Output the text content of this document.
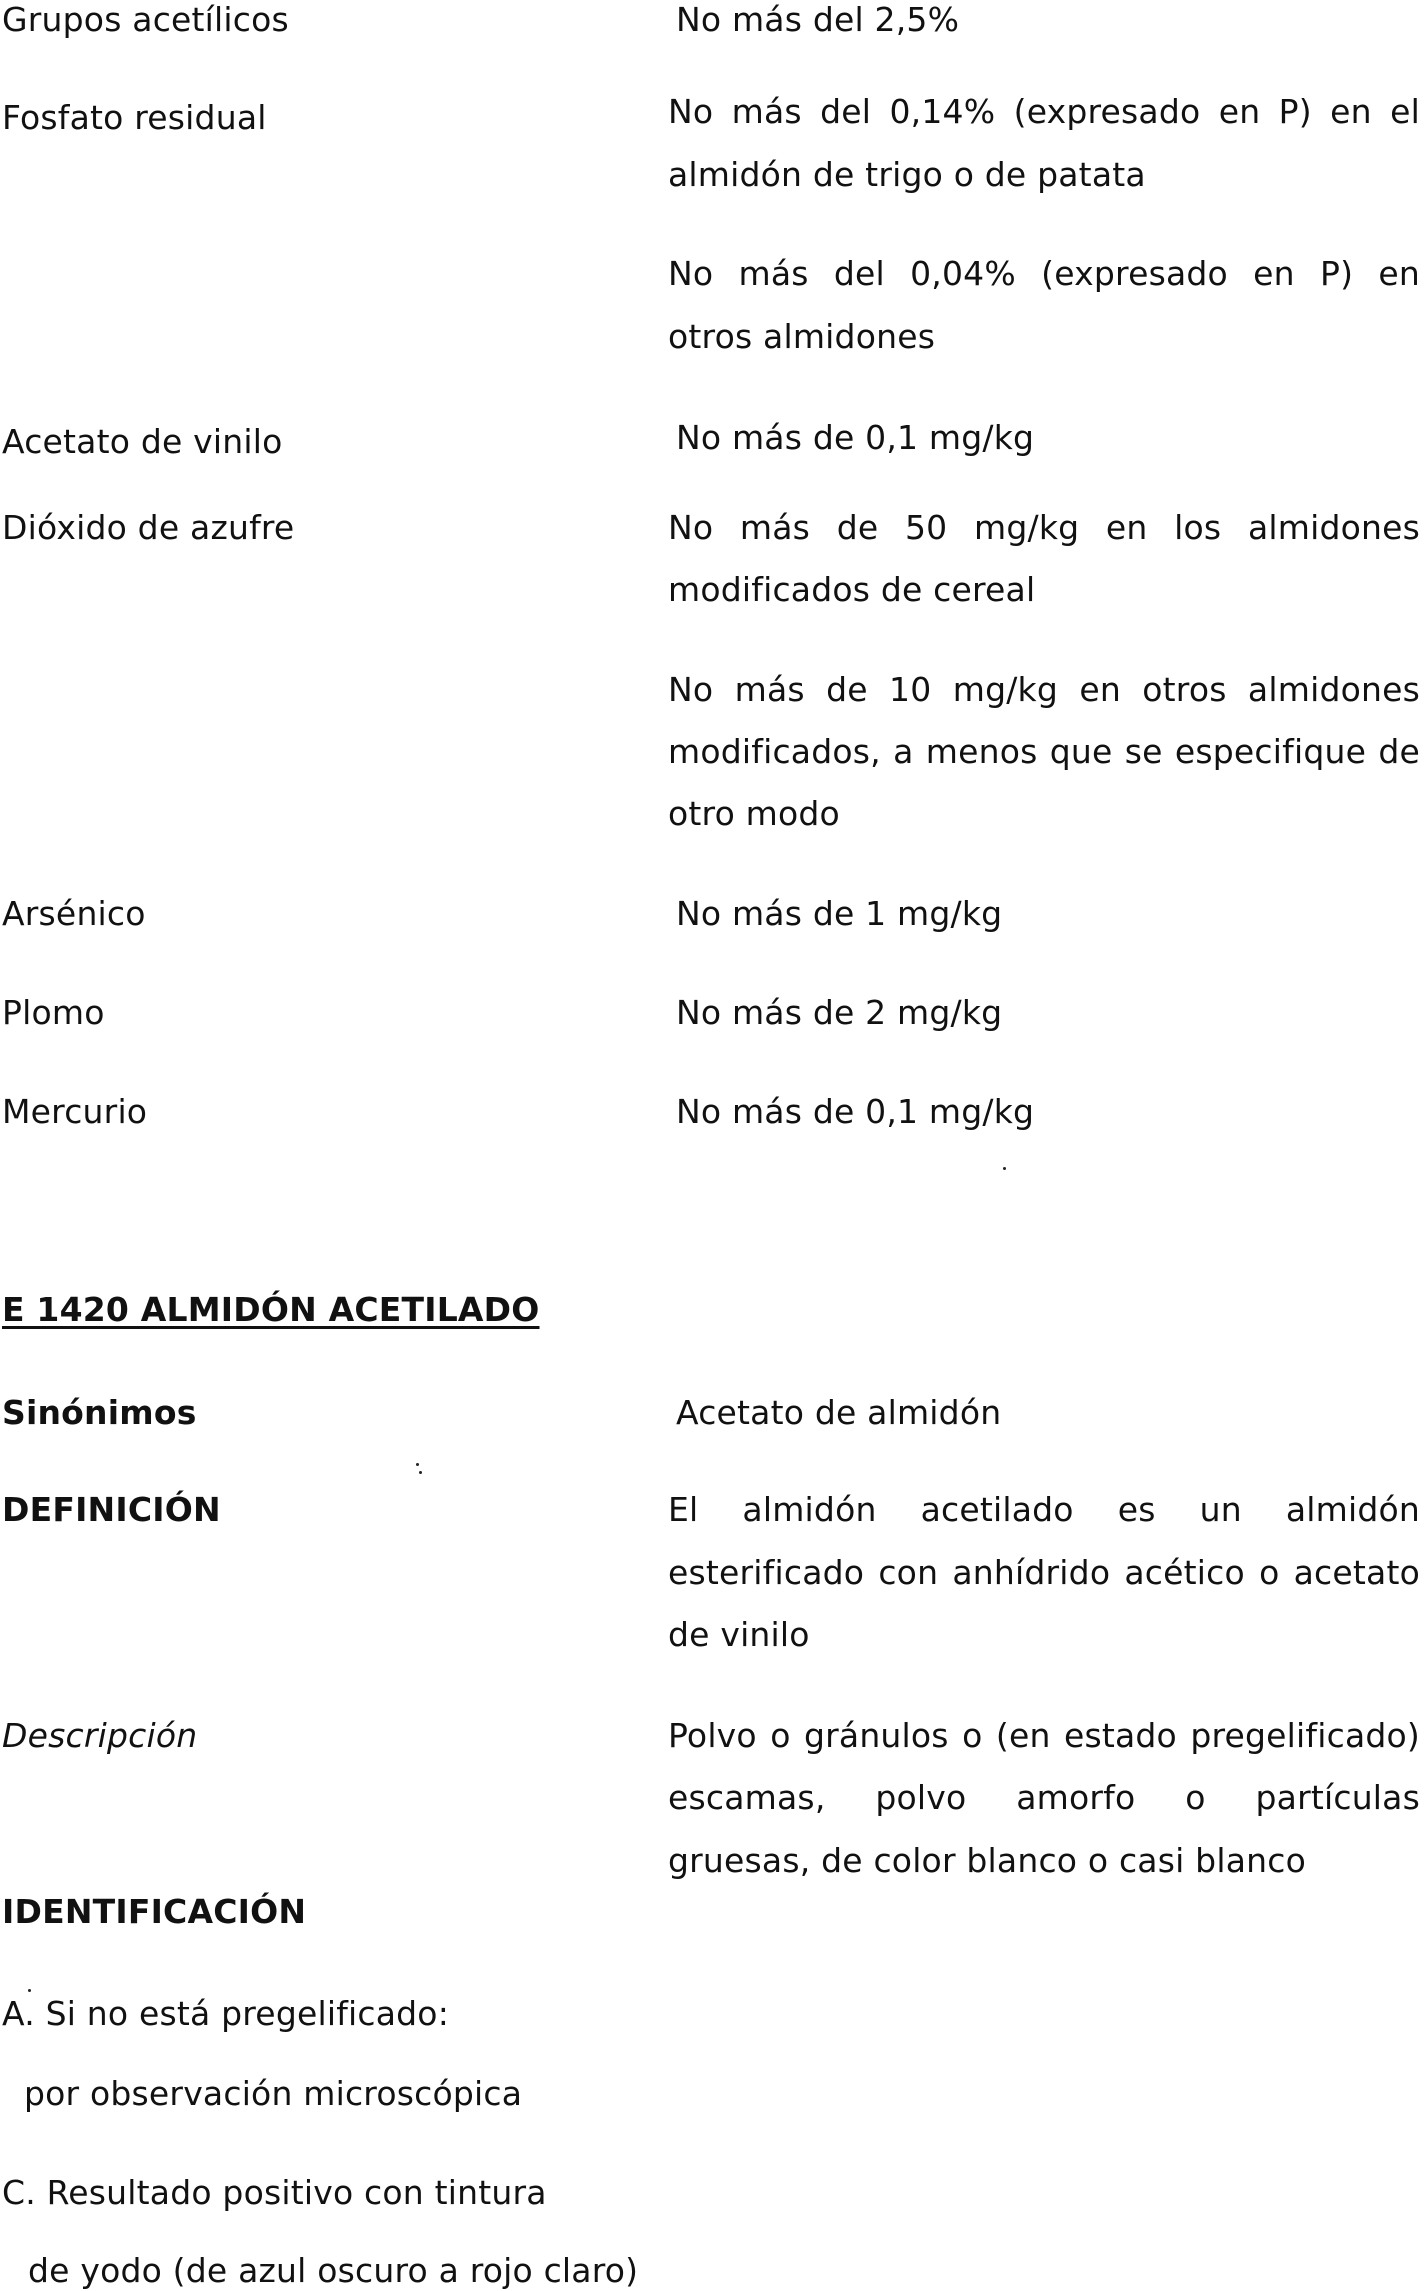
Grupos acetílicos	No más del 2,5%
Fosfato residual	No más del 0,14% (expresado en P) en el
almidón de trigo o de patata
No más del 0,04% (expresado en P) en
otros almidones
Acetato de vinilo	No más de 0,1 mg/kg
Dióxido de azufre	No más de 50 mg/kg en los almidones
modificados de cereal
No más de 10 mg/kg en otros almidones
modificados, a menos que se especifique de
otro modo
Arsénico	No más de 1 mg/kg
Plomo	No más de 2 mg/kg
Mercurio	No más de 0,1 mg/kg
E 1420 ALMIDÓN ACETILADO
Sinónimos	Acetato de almidón
DEFINICIÓN	El almidón acetilado es un almidón
esterificado con anhídrido acético o acetato
de vinilo
Descripción	Polvo o gránulos o (en estado pregelificado)
escamas, polvo amorfo o partículas
gruesas, de color blanco o casi blanco
IDENTIFICACIÓN
A. Si no está pregelificado:
por observación microscópica
C. Resultado positivo con tintura
de yodo (de azul oscuro a rojo claro)
